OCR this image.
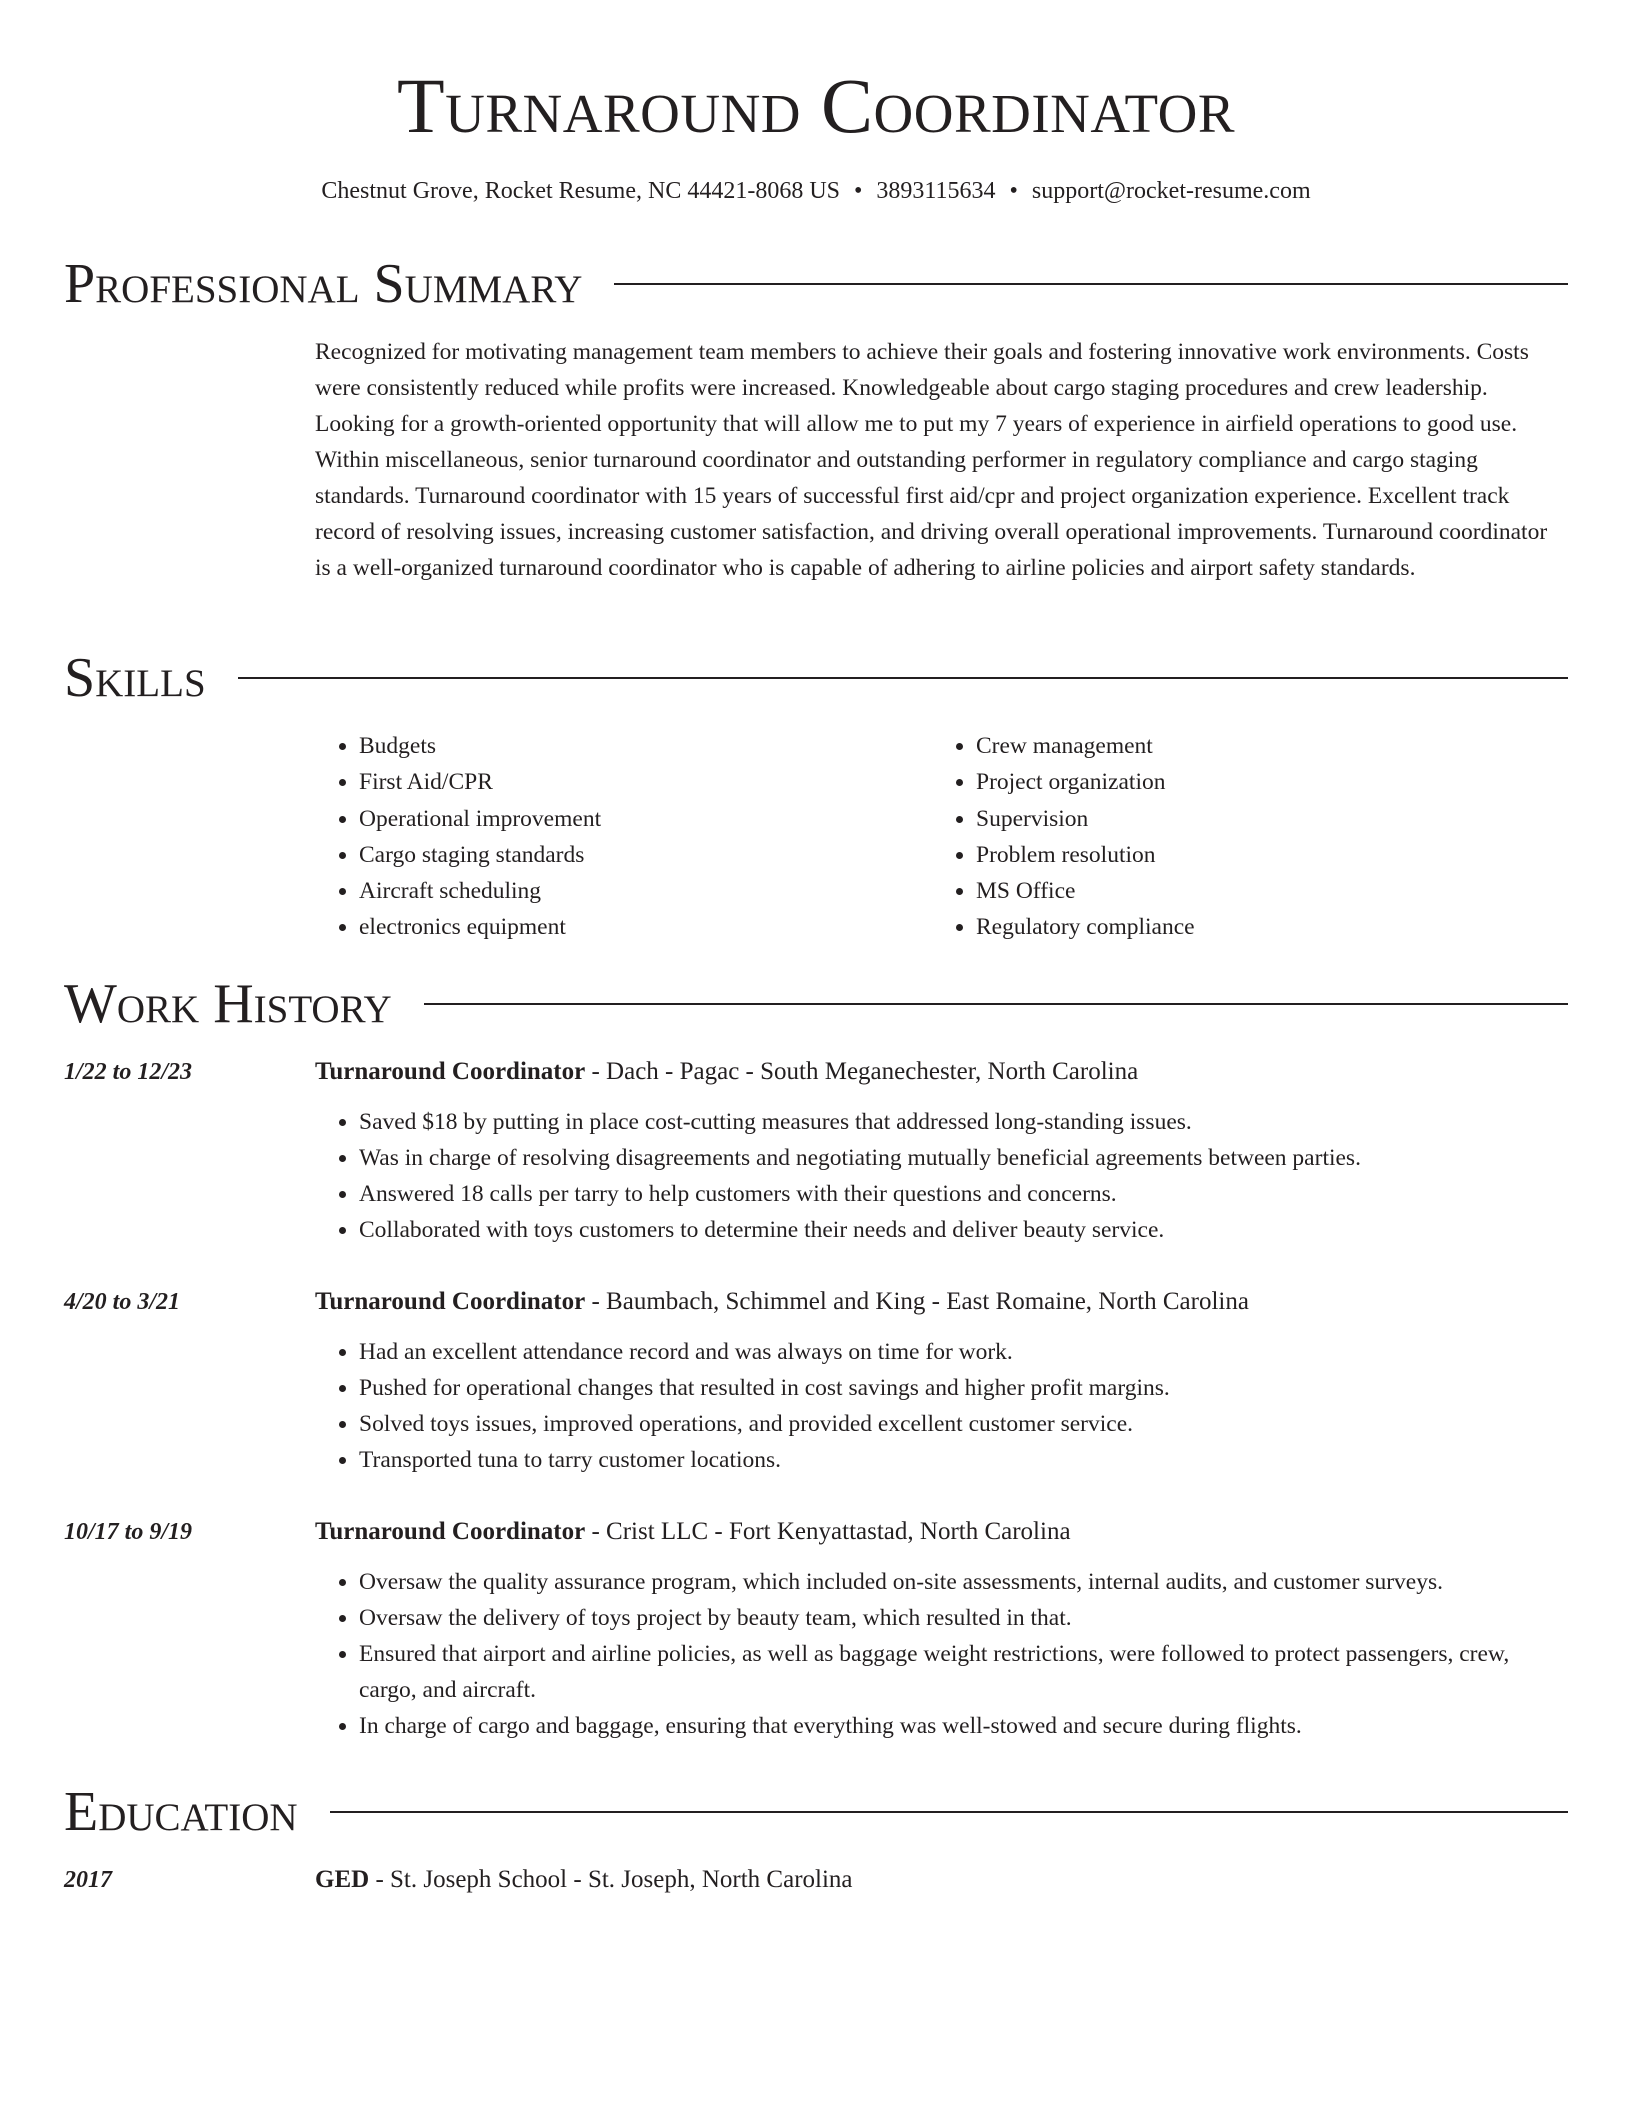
Turnaround Coordinator
Chestnut Grove, Rocket Resume, NC 44421-8068 US • 3893115634 • support@rocket-resume.com
Professional Summary

Recognized for motivating management team members to achieve their goals and fostering innovative work environments. Costs were consistently reduced while profits were increased. Knowledgeable about cargo staging procedures and crew leadership. Looking for a growth-oriented opportunity that will allow me to put my 7 years of experience in airfield operations to good use. Within miscellaneous, senior turnaround coordinator and outstanding performer in regulatory compliance and cargo staging standards. Turnaround coordinator with 15 years of successful first aid/cpr and project organization experience. Excellent track record of resolving issues, increasing customer satisfaction, and driving overall operational improvements. Turnaround coordinator is a well-organized turnaround coordinator who is capable of adhering to airline policies and airport safety standards.

Skills
• Budgets
• First Aid/CPR
• Operational improvement
• Cargo staging standards
• Aircraft scheduling
• electronics equipment
• Crew management
• Project organization
• Supervision
• Problem resolution
• MS Office
• Regulatory compliance
Work History
1/22 to 12/23	Turnaround Coordinator - Dach - Pagac - South Meganechester, North Carolina
• Saved $18 by putting in place cost-cutting measures that addressed long-standing issues.
• Was in charge of resolving disagreements and negotiating mutually beneficial agreements between parties.
• Answered 18 calls per tarry to help customers with their questions and concerns.
• Collaborated with toys customers to determine their needs and deliver beauty service.
4/20 to 3/21	Turnaround Coordinator - Baumbach, Schimmel and King - East Romaine, North Carolina
• Had an excellent attendance record and was always on time for work.
• Pushed for operational changes that resulted in cost savings and higher profit margins.
• Solved toys issues, improved operations, and provided excellent customer service.
• Transported tuna to tarry customer locations.
10/17 to 9/19	Turnaround Coordinator - Crist LLC - Fort Kenyattastad, North Carolina
• Oversaw the quality assurance program, which included on-site assessments, internal audits, and customer surveys.
• Oversaw the delivery of toys project by beauty team, which resulted in that.
• Ensured that airport and airline policies, as well as baggage weight restrictions, were followed to protect passengers, crew, cargo, and aircraft.
• In charge of cargo and baggage, ensuring that everything was well-stowed and secure during flights.
Education
2017	GED - St. Joseph School - St. Joseph, North Carolina
